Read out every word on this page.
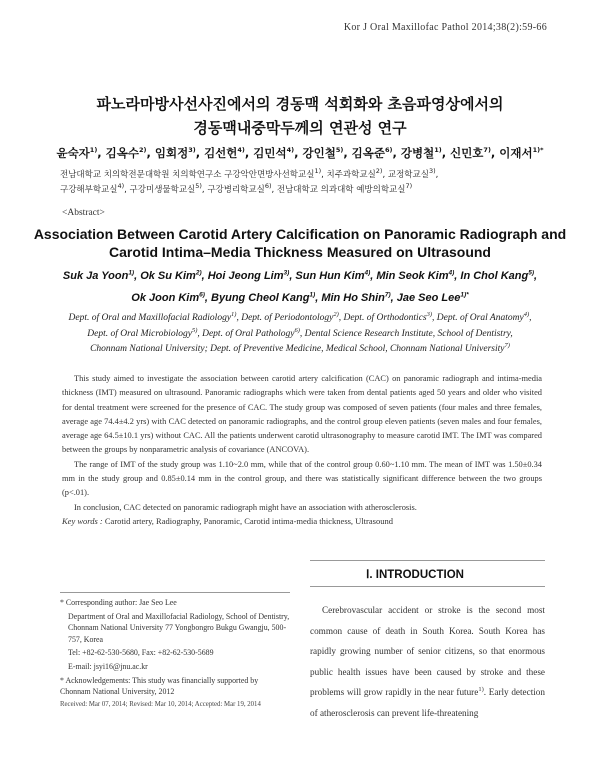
Kor J Oral Maxillofac Pathol 2014;38(2):59-66
파노라마방사선사진에서의 경동맥 석회화와 초음파영상에서의
경동맥내중막두께의 연관성 연구
윤숙자$^{1)}$, 김옥수$^{2)}$, 임회정$^{3)}$, 김선헌$^{4)}$, 김민석$^{4)}$, 강인철$^{5)}$, 김옥준$^{6)}$, 강병철$^{1)}$, 신민호$^{7)}$, 이재서$^{1)*}$
전남대학교 치의학전문대학원 치의학연구소 구강악안면방사선학교실$^{1)}$, 치주과학교실$^{2)}$, 교정학교실$^{3)}$,
구강해부학교실$^{4)}$, 구강미생물학교실$^{5)}$, 구강병리학교실$^{6)}$, 전남대학교 의과대학 예방의학교실$^{7)}$
<Abstract>
Association Between Carotid Artery Calcification on Panoramic Radiograph and
Carotid Intima–Media Thickness Measured on Ultrasound
Suk Ja Yoon$^{1)}$, Ok Su Kim$^{2)}$, Hoi Jeong Lim$^{3)}$, Sun Hun Kim$^{4)}$, Min Seok Kim$^{4)}$, In Chol Kang$^{5)}$,
Ok Joon Kim$^{6)}$, Byung Cheol Kang$^{1)}$, Min Ho Shin$^{7)}$, Jae Seo Lee$^{1)*}$
Dept. of Oral and Maxillofacial Radiology$^{1)}$, Dept. of Periodontology$^{2)}$, Dept. of Orthodontics$^{3)}$, Dept. of Oral Anatomy$^{4)}$,
Dept. of Oral Microbiology$^{5)}$, Dept. of Oral Pathology$^{6)}$, Dental Science Research Institute, School of Dentistry,
Chonnam National University; Dept. of Preventive Medicine, Medical School, Chonnam National University$^{7)}$

This study aimed to investigate the association between carotid artery calcification (CAC) on panoramic radiograph and intima-media thickness (IMT) measured on ultrasound. Panoramic radiographs which were taken from dental patients aged 50 years and older who visited for dental treatment were screened for the presence of CAC. The study group was composed of seven patients (four males and three females, average age 74.4±4.2 yrs) with CAC detected on panoramic radiographs, and the control group eleven patients (seven males and four females, average age 64.5±10.1 yrs) without CAC. All the patients underwent carotid ultrasonography to measure carotid IMT. The IMT was compared between the groups by nonparametric analysis of covariance (ANCOVA).

The range of IMT of the study group was 1.10~2.0 mm, while that of the control group 0.60~1.10 mm. The mean of IMT was 1.50±0.34 mm in the study group and 0.85±0.14 mm in the control group, and there was statistically significant difference between the two groups (p<.01).

In conclusion, CAC detected on panoramic radiograph might have an association with atherosclerosis.

Key words : Carotid artery, Radiography, Panoramic, Carotid intima-media thickness, Ultrasound
Ⅰ. INTRODUCTION

Cerebrovascular accident or stroke is the second most common cause of death in South Korea. South Korea has rapidly growing number of senior citizens, so that enormous public health issues have been caused by stroke and these problems will grow rapidly in the near future$^{1)}$. Early detection of atherosclerosis can prevent life-threatening

* Corresponding author: Jae Seo Lee
Department of Oral and Maxillofacial Radiology, School of Dentistry, Chonnam National University 77 Yongbongro Bukgu Gwangju, 500-757, Korea
Tel: +82-62-530-5680, Fax: +82-62-530-5689
E-mail: jsyi16@jnu.ac.kr
* Acknowledgements: This study was financially supported by Chonnam National University, 2012
Received: Mar 07, 2014; Revised: Mar 10, 2014; Accepted: Mar 19, 2014
